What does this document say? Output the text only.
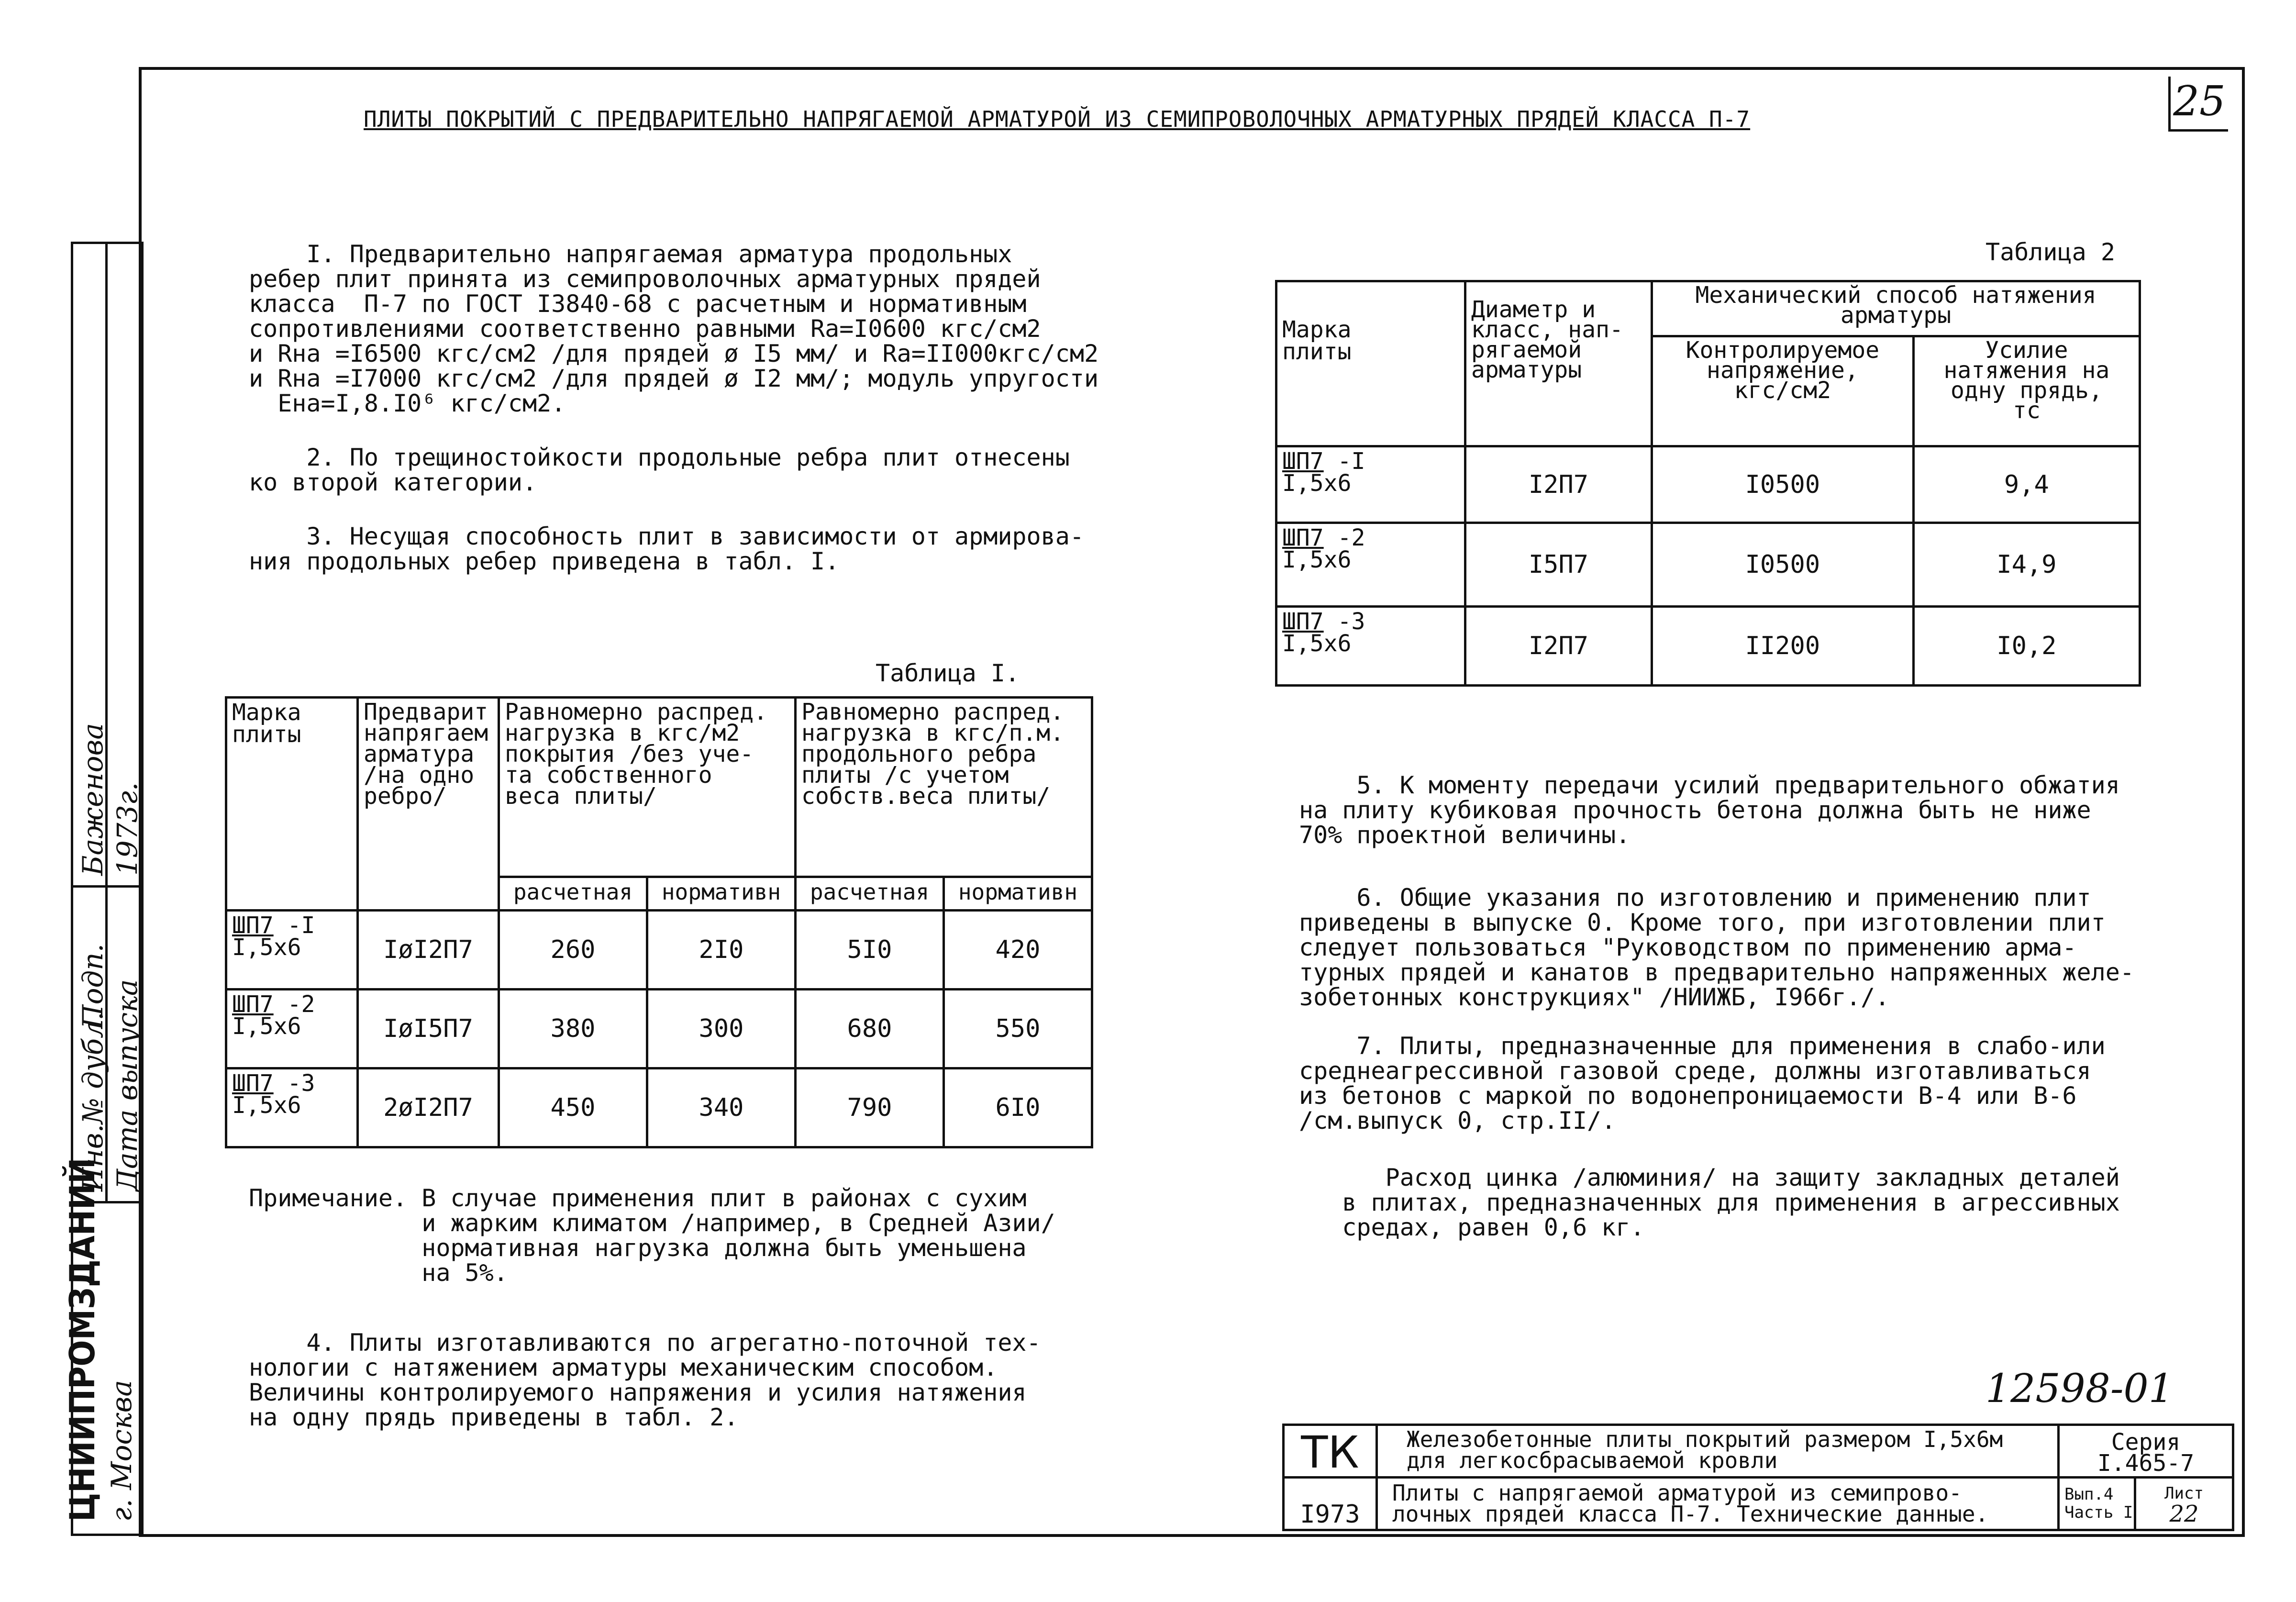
25
Инв.№ дубл.
Баженова
Подп. Дата выпуска
1973г.
ЦНИИПРОМЗДАНИЙ г. Москва
ПЛИТЫ ПОКРЫТИЙ С ПРЕДВАРИТЕЛЬНО НАПРЯГАЕМОЙ АРМАТУРОЙ ИЗ СЕМИПРОВОЛОЧНЫХ АРМАТУРНЫХ ПРЯДЕЙ КЛАССА П-7
I. Предварительно напрягаемая арматура продольных
ребер плит принята из семипроволочных арматурных прядей
класса  П-7 по ГОСТ I3840-68 с расчетным и нормативным
сопротивлениями соответственно равными Ra=I0600 кгс/см2
и Rнa =I6500 кгс/см2 /для прядей ø I5 мм/ и Ra=II000кгс/см2
и Rнa =I7000 кгс/см2 /для прядей ø I2 мм/; модуль упругости
Eнa=I,8.I0⁶ кгс/см2.
2. По трещиностойкости продольные ребра плит отнесены
ко второй категории.
3. Несущая способность плит в зависимости от армирова-
ния продольных ребер приведена в табл. I.
Таблица I.
Марка
плиты	Предварит
напрягаем
арматура
/на одно
ребро/	Равномерно распред.
нагрузка в кгс/м2
покрытия /без уче-
та собственного
веса плиты/		Равномерно распред.
нагрузка в кгс/п.м.
продольного ребра
плиты /с учетом
собств.веса плиты/	

		расчетная	нормативн	расчетная	нормативн
ШП7 -I
I,5x6	IøI2П7	260	2I0	5I0	420
ШП7 -2
I,5x6	IøI5П7	380	300	680	550
ШП7 -3
I,5x6	2øI2П7	450	340	790	6I0
Примечание. В случае применения плит в районах с сухим
и жарким климатом /например, в Средней Азии/
нормативная нагрузка должна быть уменьшена
на 5%.
4. Плиты изготавливаются по агрегатно-поточной тех-
нологии с натяжением арматуры механическим способом.
Величины контролируемого напряжения и усилия натяжения
на одну прядь приведены в табл. 2.
Таблица 2
Марка
плиты	Диаметр и
класс, нап-
рягаемой
арматуры	Механический способ натяжения
арматуры	

		Контролируемое
напряжение,
кгс/см2	Усилие
натяжения на
одну прядь,
тс

ШП7 -I
I,5x6	I2П7	I0500	9,4
ШП7 -2
I,5x6	I5П7	I0500	I4,9
ШП7 -3
I,5x6	I2П7	II200	I0,2
5. К моменту передачи усилий предварительного обжатия
на плиту кубиковая прочность бетона должна быть не ниже
70% проектной величины.
6. Общие указания по изготовлению и применению плит
приведены в выпуске 0. Кроме того, при изготовлении плит
следует пользоваться "Руководством по применению арма-
турных прядей и канатов в предварительно напряженных желе-
зобетонных конструкциях" /НИИЖБ, I966г./.
7. Плиты, предназначенные для применения в слабо-или
среднеагрессивной газовой среде, должны изготавливаться
из бетонов с маркой по водонепроницаемости В-4 или В-6
/см.выпуск 0, стр.II/.
Расход цинка /алюминия/ на защиту закладных деталей
в плитах, предназначенных для применения в агрессивных
средах, равен 0,6 кг.
12598-01
ТК
I973
Железобетонные плиты покрытий размером I,5x6м
для легкосбрасываемой кровли
Плиты с напрягаемой арматурой из семипрово-
лочных прядей класса П-7. Технические данные.
Серия
I.465-7
Вып.4
Часть I
Лист
22
